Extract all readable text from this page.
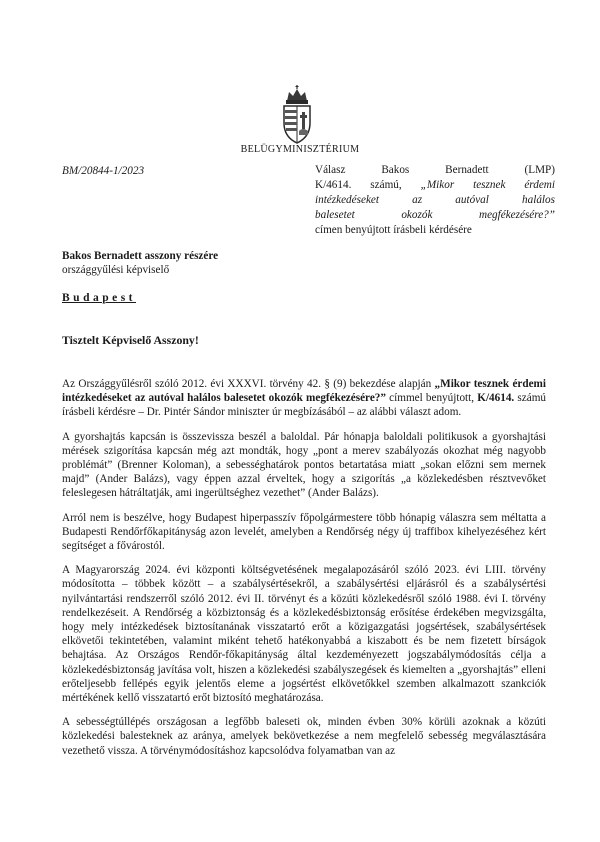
BELÜGYMINISZTÉRIUM
BM/20844-1/2023	Válasz Bakos Bernadett (LMP)

K/4614. számú, „Mikor tesznek érdemi

intézkedéseket az autóval halálos

balesetet okozók megfékezésére?”

címen benyújtott írásbeli kérdésére

Bakos Bernadett asszony részére
országgyűlési képviselő
Budapest
Tisztelt Képviselő Asszony!

Az Országgyűlésről szóló 2012. évi XXXVI. törvény 42. § (9) bekezdése alapján „Mikor tesznek érdemi intézkedéseket az autóval halálos balesetet okozók megfékezésére?” címmel benyújtott, K/4614. számú írásbeli kérdésre – Dr. Pintér Sándor miniszter úr megbízásából – az alábbi választ adom.

A gyorshajtás kapcsán is összevissza beszél a baloldal. Pár hónapja baloldali politikusok a gyorshajtási mérések szigorítása kapcsán még azt mondták, hogy „pont a merev szabályozás okozhat még nagyobb problémát” (Brenner Koloman), a sebességhatárok pontos betartatása miatt „sokan előzni sem mernek majd” (Ander Balázs), vagy éppen azzal érveltek, hogy a szigorítás „a közlekedésben résztvevőket feleslegesen hátráltatják, ami ingerültséghez vezethet” (Ander Balázs).

Arról nem is beszélve, hogy Budapest hiperpasszív főpolgármestere több hónapig válaszra sem méltatta a Budapesti Rendőrfőkapitányság azon levelét, amelyben a Rendőrség négy új traffibox kihelyezéséhez kért segítséget a fővárostól.

A Magyarország 2024. évi központi költségvetésének megalapozásáról szóló 2023. évi LIII. törvény módosította – többek között – a szabálysértésekről, a szabálysértési eljárásról és a szabálysértési nyilvántartási rendszerről szóló 2012. évi II. törvényt és a közúti közlekedésről szóló 1988. évi I. törvény rendelkezéseit. A Rendőrség a közbiztonság és a közlekedésbiztonság erősítése érdekében megvizsgálta, hogy mely intézkedések biztosítanának visszatartó erőt a közigazgatási jogsértések, szabálysértések elkövetői tekintetében, valamint miként tehető hatékonyabbá a kiszabott és be nem fizetett bírságok behajtása. Az Országos Rendőr-főkapitányság által kezdeményezett jogszabálymódosítás célja a közlekedésbiztonság javítása volt, hiszen a közlekedési szabályszegések és kiemelten a „gyorshajtás” elleni erőteljesebb fellépés egyik jelentős eleme a jogsértést elkövetőkkel szemben alkalmazott szankciók mértékének kellő visszatartó erőt biztosító meghatározása.

A sebességtúllépés országosan a legfőbb baleseti ok, minden évben 30% körüli azoknak a közúti közlekedési balesteknek az aránya, amelyek bekövetkezése a nem megfelelő sebesség megválasztására vezethető vissza. A törvénymódosításhoz kapcsolódva folyamatban van az
